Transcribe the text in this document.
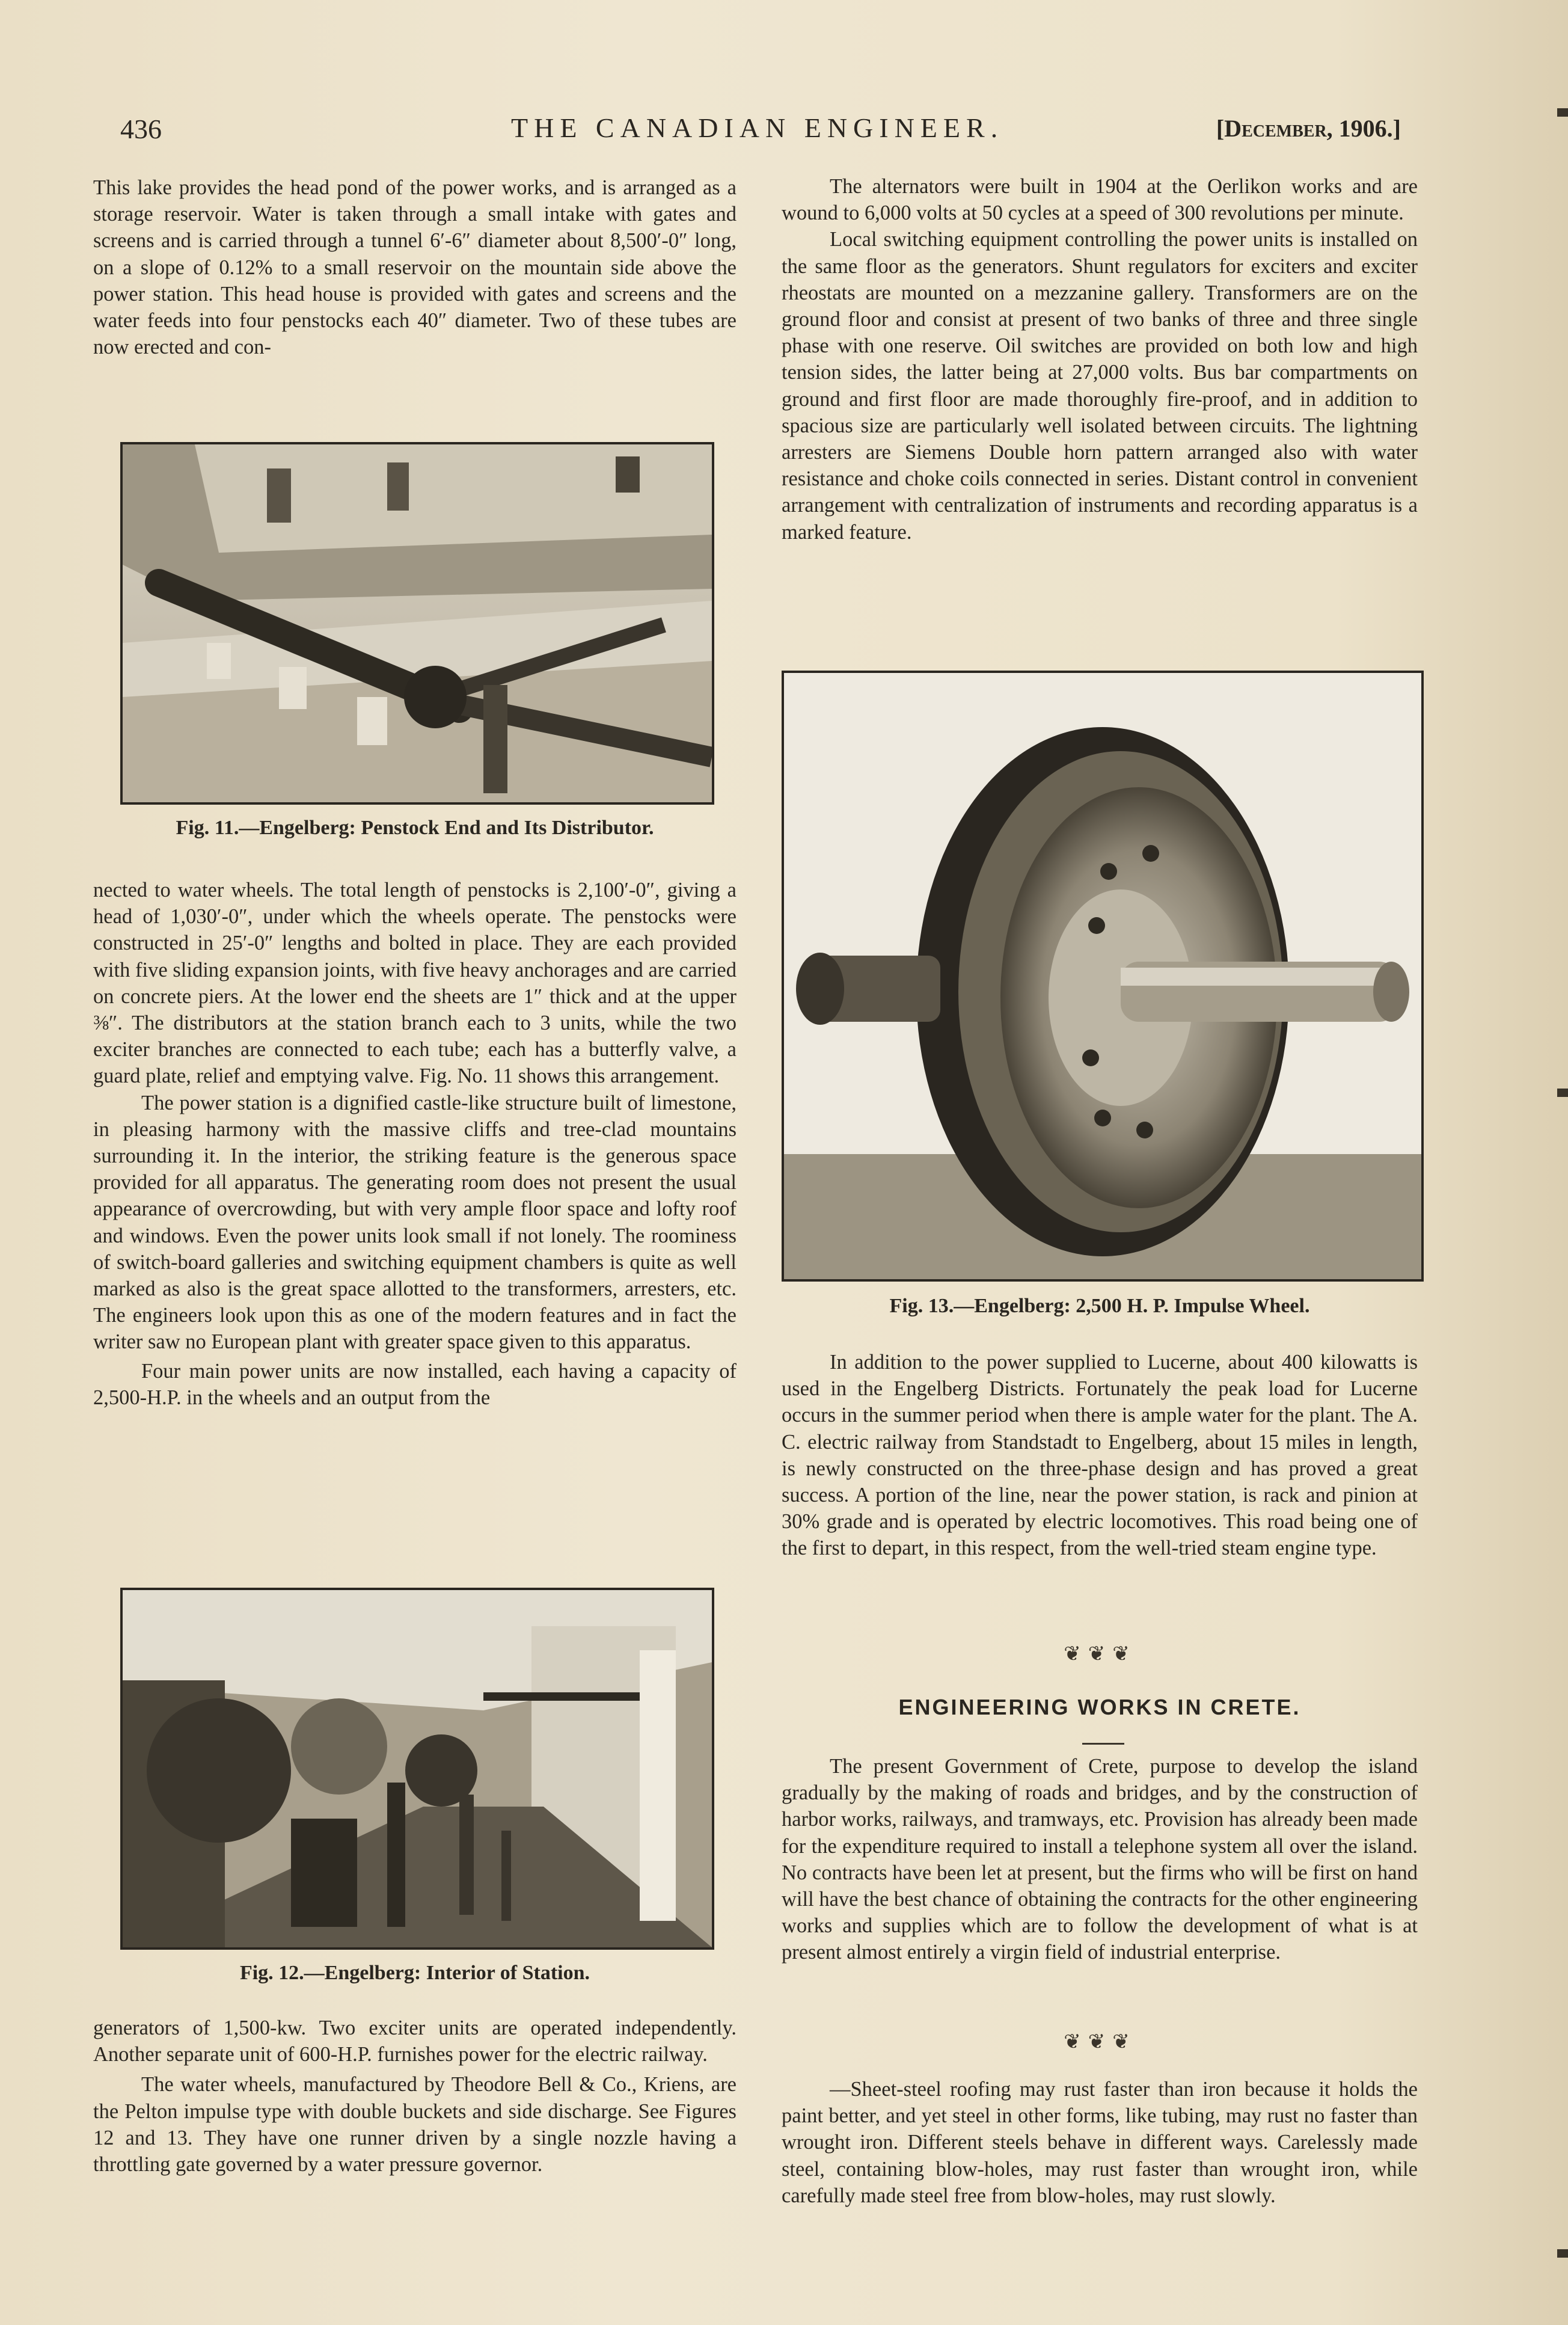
436	THE CANADIAN ENGINEER.	[December, 1906.]

This lake provides the head pond of the power works, and is arranged as a storage reservoir. Water is taken through a small intake with gates and screens and is carried through a tunnel 6′-6″ diameter about 8,500′-0″ long, on a slope of 0.12% to a small reservoir on the mountain side above the power station. This head house is provided with gates and screens and the water feeds into four penstocks each 40″ diameter. Two of these tubes are now erected and con-

Fig. 11.—Engelberg: Penstock End and Its Distributor.

nected to water wheels. The total length of penstocks is 2,100′-0″, giving a head of 1,030′-0″, under which the wheels operate. The penstocks were constructed in 25′-0″ lengths and bolted in place. They are each provided with five sliding expansion joints, with five heavy anchorages and are carried on concrete piers. At the lower end the sheets are 1″ thick and at the upper ⅜″. The distributors at the station branch each to 3 units, while the two exciter branches are connected to each tube; each has a butterfly valve, a guard plate, relief and emptying valve. Fig. No. 11 shows this arrangement.

The power station is a dignified castle-like structure built of limestone, in pleasing harmony with the massive cliffs and tree-clad mountains surrounding it. In the interior, the striking feature is the generous space provided for all apparatus. The generating room does not present the usual appearance of overcrowding, but with very ample floor space and lofty roof and windows. Even the power units look small if not lonely. The roominess of switch-board galleries and switching equipment chambers is quite as well marked as also is the great space allotted to the transformers, arresters, etc. The engineers look upon this as one of the modern features and in fact the writer saw no European plant with greater space given to this apparatus.

Four main power units are now installed, each having a capacity of 2,500-H.P. in the wheels and an output from the

Fig. 12.—Engelberg: Interior of Station.

generators of 1,500-kw. Two exciter units are operated independently. Another separate unit of 600-H.P. furnishes power for the electric railway.

The water wheels, manufactured by Theodore Bell & Co., Kriens, are the Pelton impulse type with double buckets and side discharge. See Figures 12 and 13. They have one runner driven by a single nozzle having a throttling gate governed by a water pressure governor.

The alternators were built in 1904 at the Oerlikon works and are wound to 6,000 volts at 50 cycles at a speed of 300 revolutions per minute.

Local switching equipment controlling the power units is installed on the same floor as the generators. Shunt regulators for exciters and exciter rheostats are mounted on a mezzanine gallery. Transformers are on the ground floor and consist at present of two banks of three and three single phase with one reserve. Oil switches are provided on both low and high tension sides, the latter being at 27,000 volts. Bus bar compartments on ground and first floor are made thoroughly fire-proof, and in addition to spacious size are particularly well isolated between circuits. The lightning arresters are Siemens Double horn pattern arranged also with water resistance and choke coils connected in series. Distant control in convenient arrangement with centralization of instruments and recording apparatus is a marked feature.

Fig. 13.—Engelberg: 2,500 H. P. Impulse Wheel.

In addition to the power supplied to Lucerne, about 400 kilowatts is used in the Engelberg Districts. Fortunately the peak load for Lucerne occurs in the summer period when there is ample water for the plant. The A. C. electric railway from Standstadt to Engelberg, about 15 miles in length, is newly constructed on the three-phase design and has proved a great success. A portion of the line, near the power station, is rack and pinion at 30% grade and is operated by electric locomotives. This road being one of the first to depart, in this respect, from the well-tried steam engine type.

❦❦❦
ENGINEERING WORKS IN CRETE.

The present Government of Crete, purpose to develop the island gradually by the making of roads and bridges, and by the construction of harbor works, railways, and tramways, etc. Provision has already been made for the expenditure required to install a telephone system all over the island. No contracts have been let at present, but the firms who will be first on hand will have the best chance of obtaining the contracts for the other engineering works and supplies which are to follow the development of what is at present almost entirely a virgin field of industrial enterprise.

❦❦❦

—Sheet-steel roofing may rust faster than iron because it holds the paint better, and yet steel in other forms, like tubing, may rust no faster than wrought iron. Different steels behave in different ways. Carelessly made steel, containing blow-holes, may rust faster than wrought iron, while carefully made steel free from blow-holes, may rust slowly.
